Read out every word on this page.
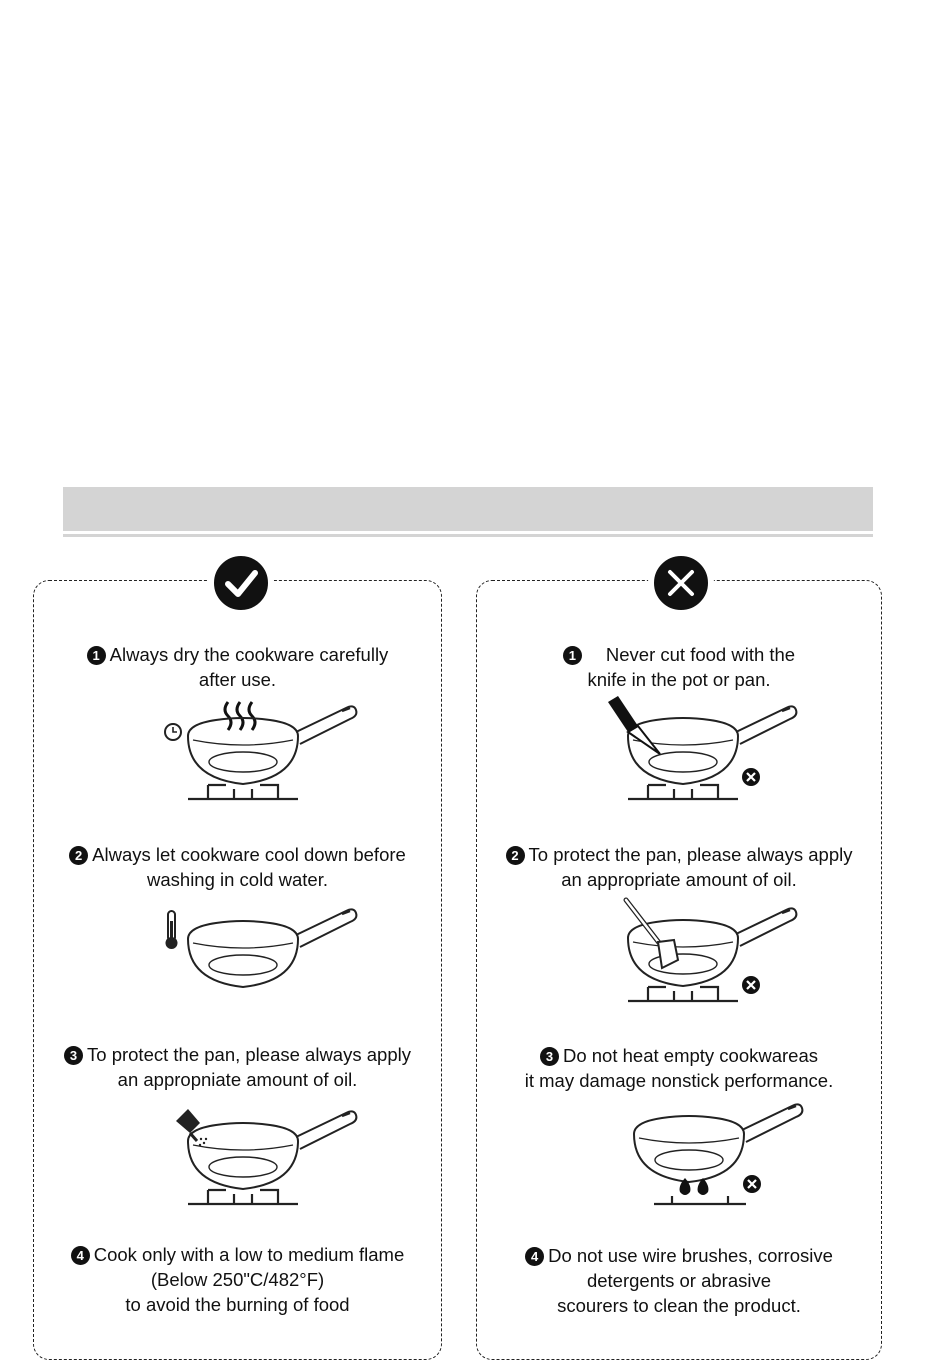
1 Always dry the cookware carefully
after use.
2 Always let cookware cool down before
washing in cold water.
3 To protect the pan, please always apply
an appropniate amount of oil.
4 Cook only with a low to medium flame
(Below 250"C/482°F)
to avoid the burning of food
1 Never cut food with the
knife in the pot or pan.
2 To protect the pan, please always apply
an appropriate amount of oil.
3 Do not heat empty cookwareas
it may damage nonstick performance.
4 Do not use wire brushes, corrosive
detergents or abrasive
scourers to clean the product.
